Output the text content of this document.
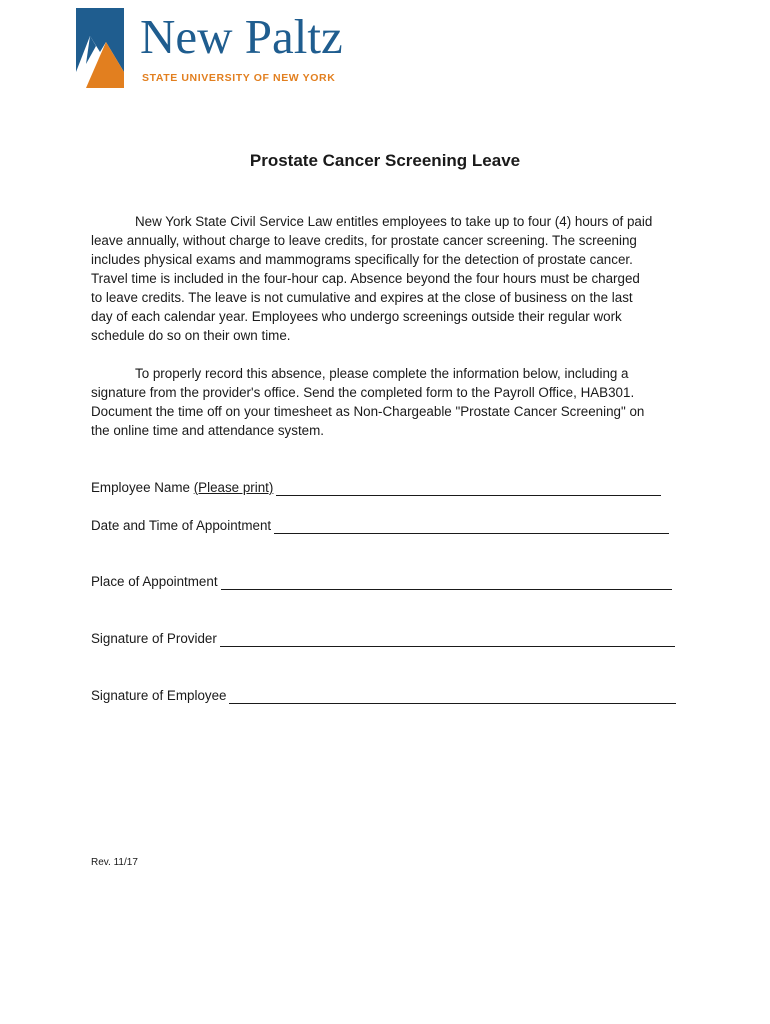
New Paltz
STATE UNIVERSITY OF NEW YORK
Prostate Cancer Screening Leave
New York State Civil Service Law entitles employees to take up to four (4) hours of paid
leave annually, without charge to leave credits, for prostate cancer screening. The screening
includes physical exams and mammograms specifically for the detection of prostate cancer.
Travel time is included in the four-hour cap. Absence beyond the four hours must be charged
to leave credits. The leave is not cumulative and expires at the close of business on the last
day of each calendar year. Employees who undergo screenings outside their regular work
schedule do so on their own time.
To properly record this absence, please complete the information below, including a
signature from the provider's office. Send the completed form to the Payroll Office, HAB301.
Document the time off on your timesheet as Non-Chargeable "Prostate Cancer Screening" on
the online time and attendance system.
Employee Name (Please print)
Date and Time of Appointment
Place of Appointment
Signature of Provider
Signature of Employee
Rev. 11/17
